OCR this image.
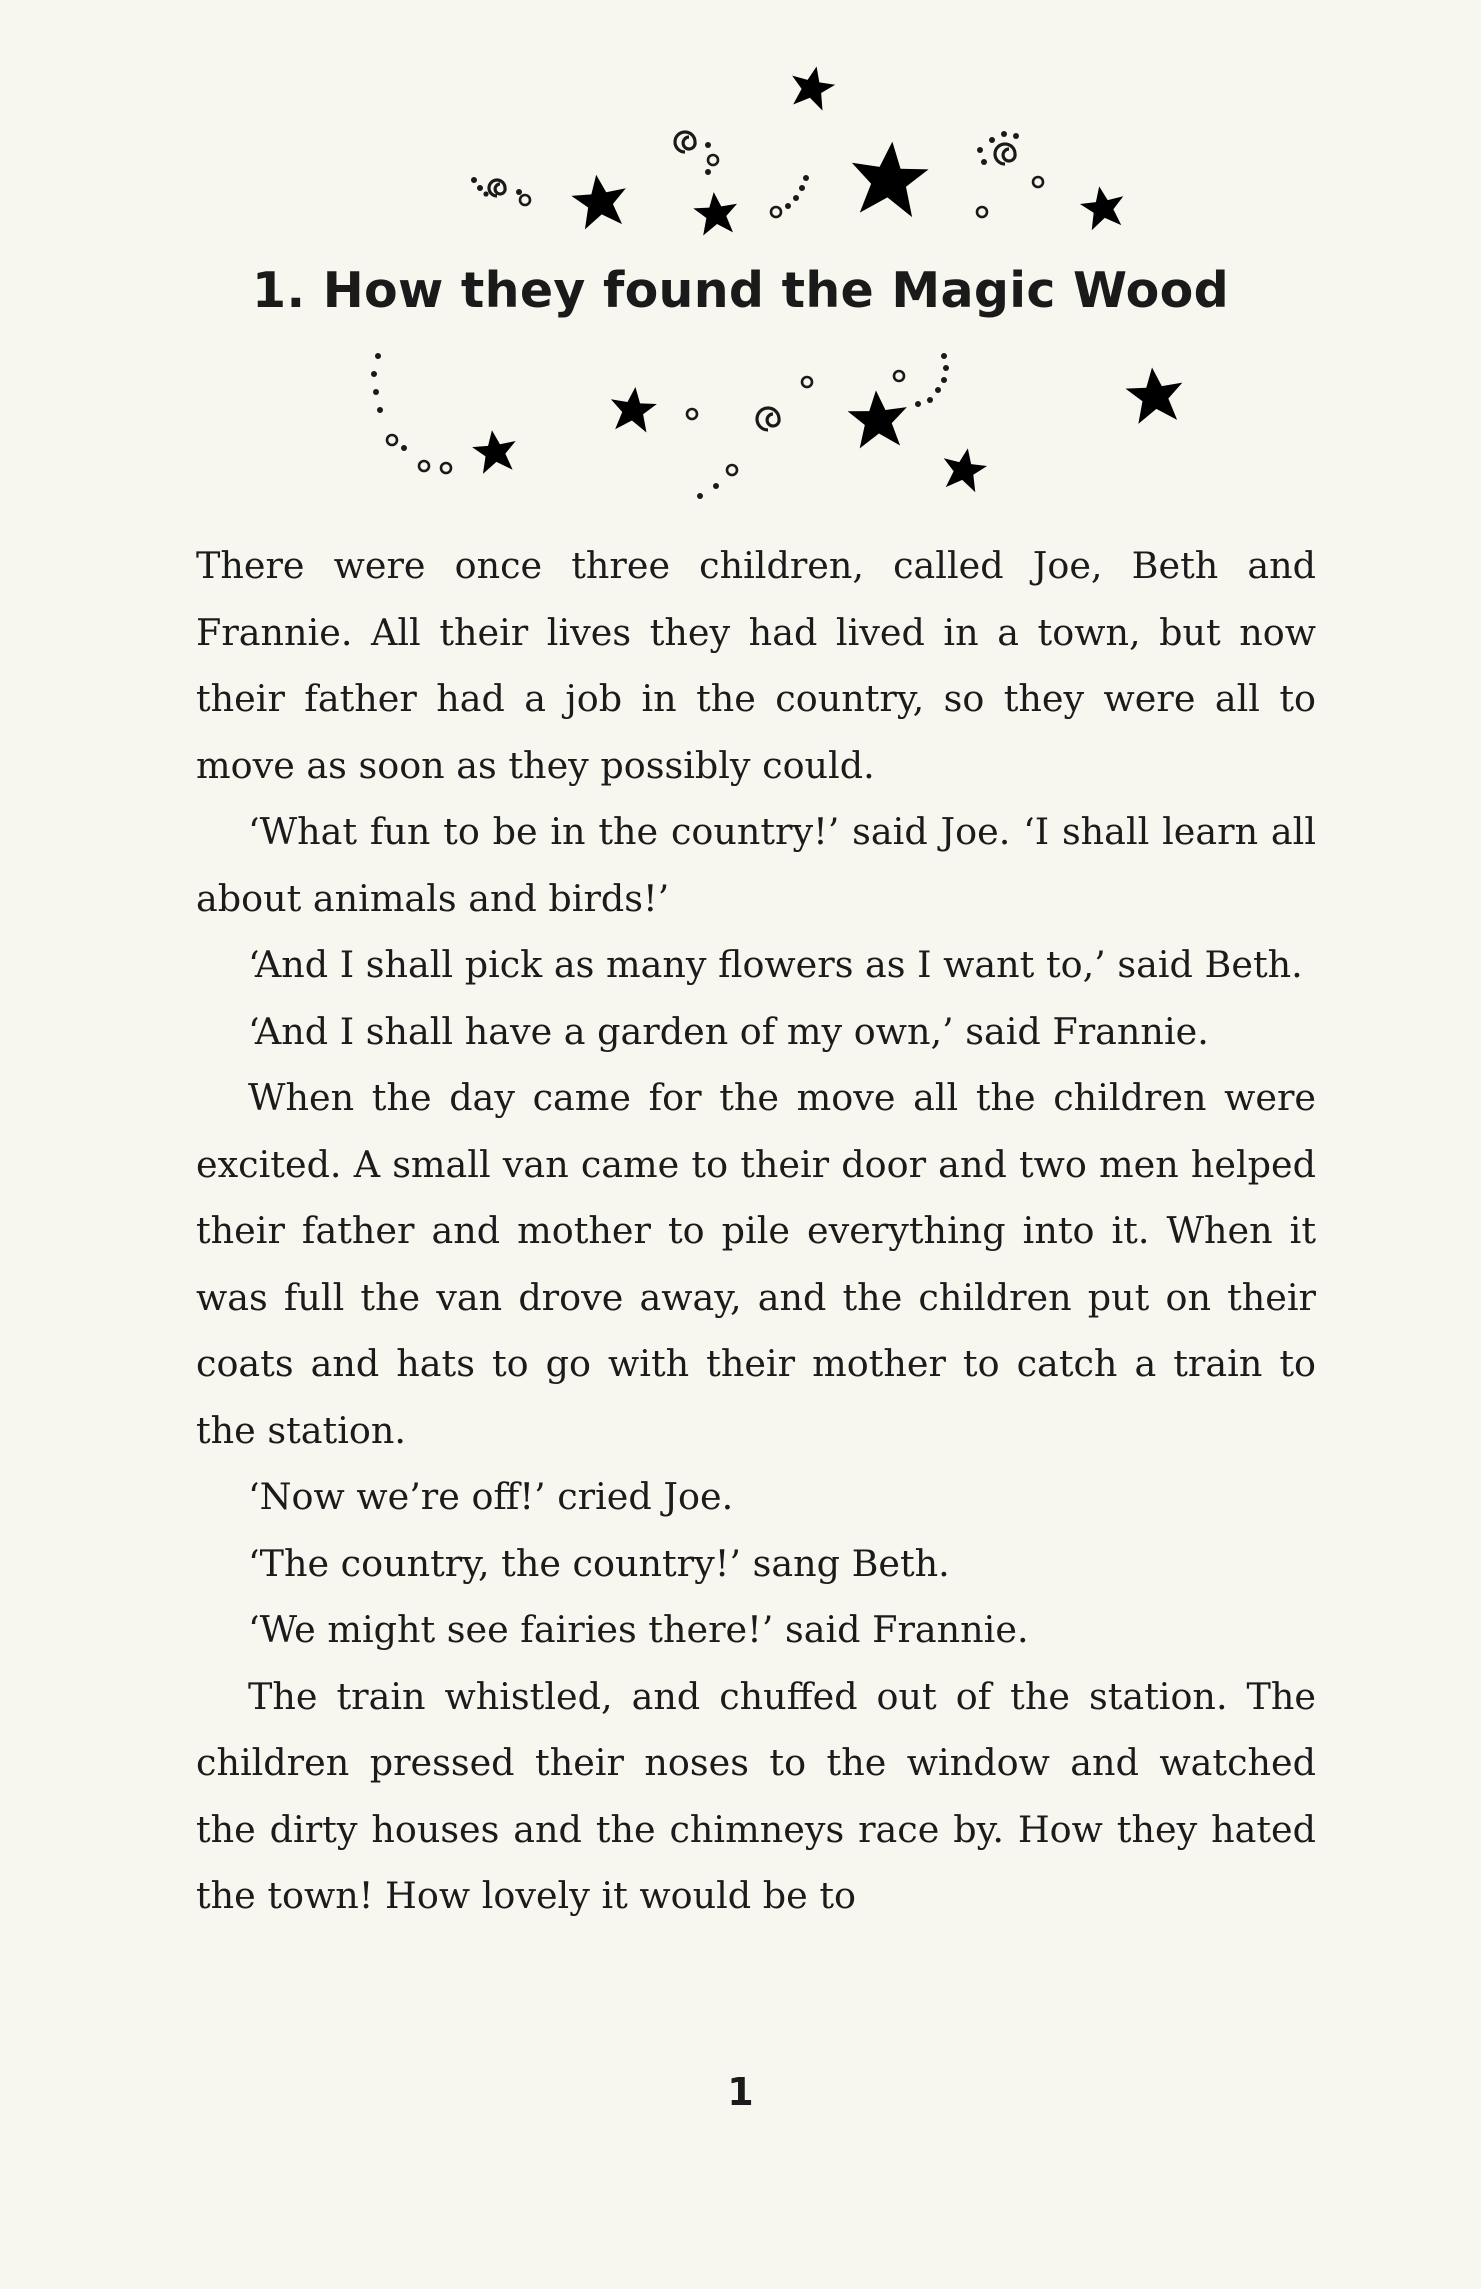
1. How they found the Magic Wood

There were once three children, called Joe, Beth and Frannie. All their lives they had lived in a town, but now their father had a job in the country, so they were all to move as soon as they possibly could.

‘What fun to be in the country!’ said Joe. ‘I shall learn all about animals and birds!’

‘And I shall pick as many flowers as I want to,’ said Beth.

‘And I shall have a garden of my own,’ said Frannie.

When the day came for the move all the children were excited. A small van came to their door and two men helped their father and mother to pile everything into it. When it was full the van drove away, and the children put on their coats and hats to go with their mother to catch a train to the station.

‘Now we’re off!’ cried Joe.

‘The country, the country!’ sang Beth.

‘We might see fairies there!’ said Frannie.

The train whistled, and chuffed out of the station. The children pressed their noses to the window and watched the dirty houses and the chimneys race by. How they hated the town! How lovely it would be to

1
